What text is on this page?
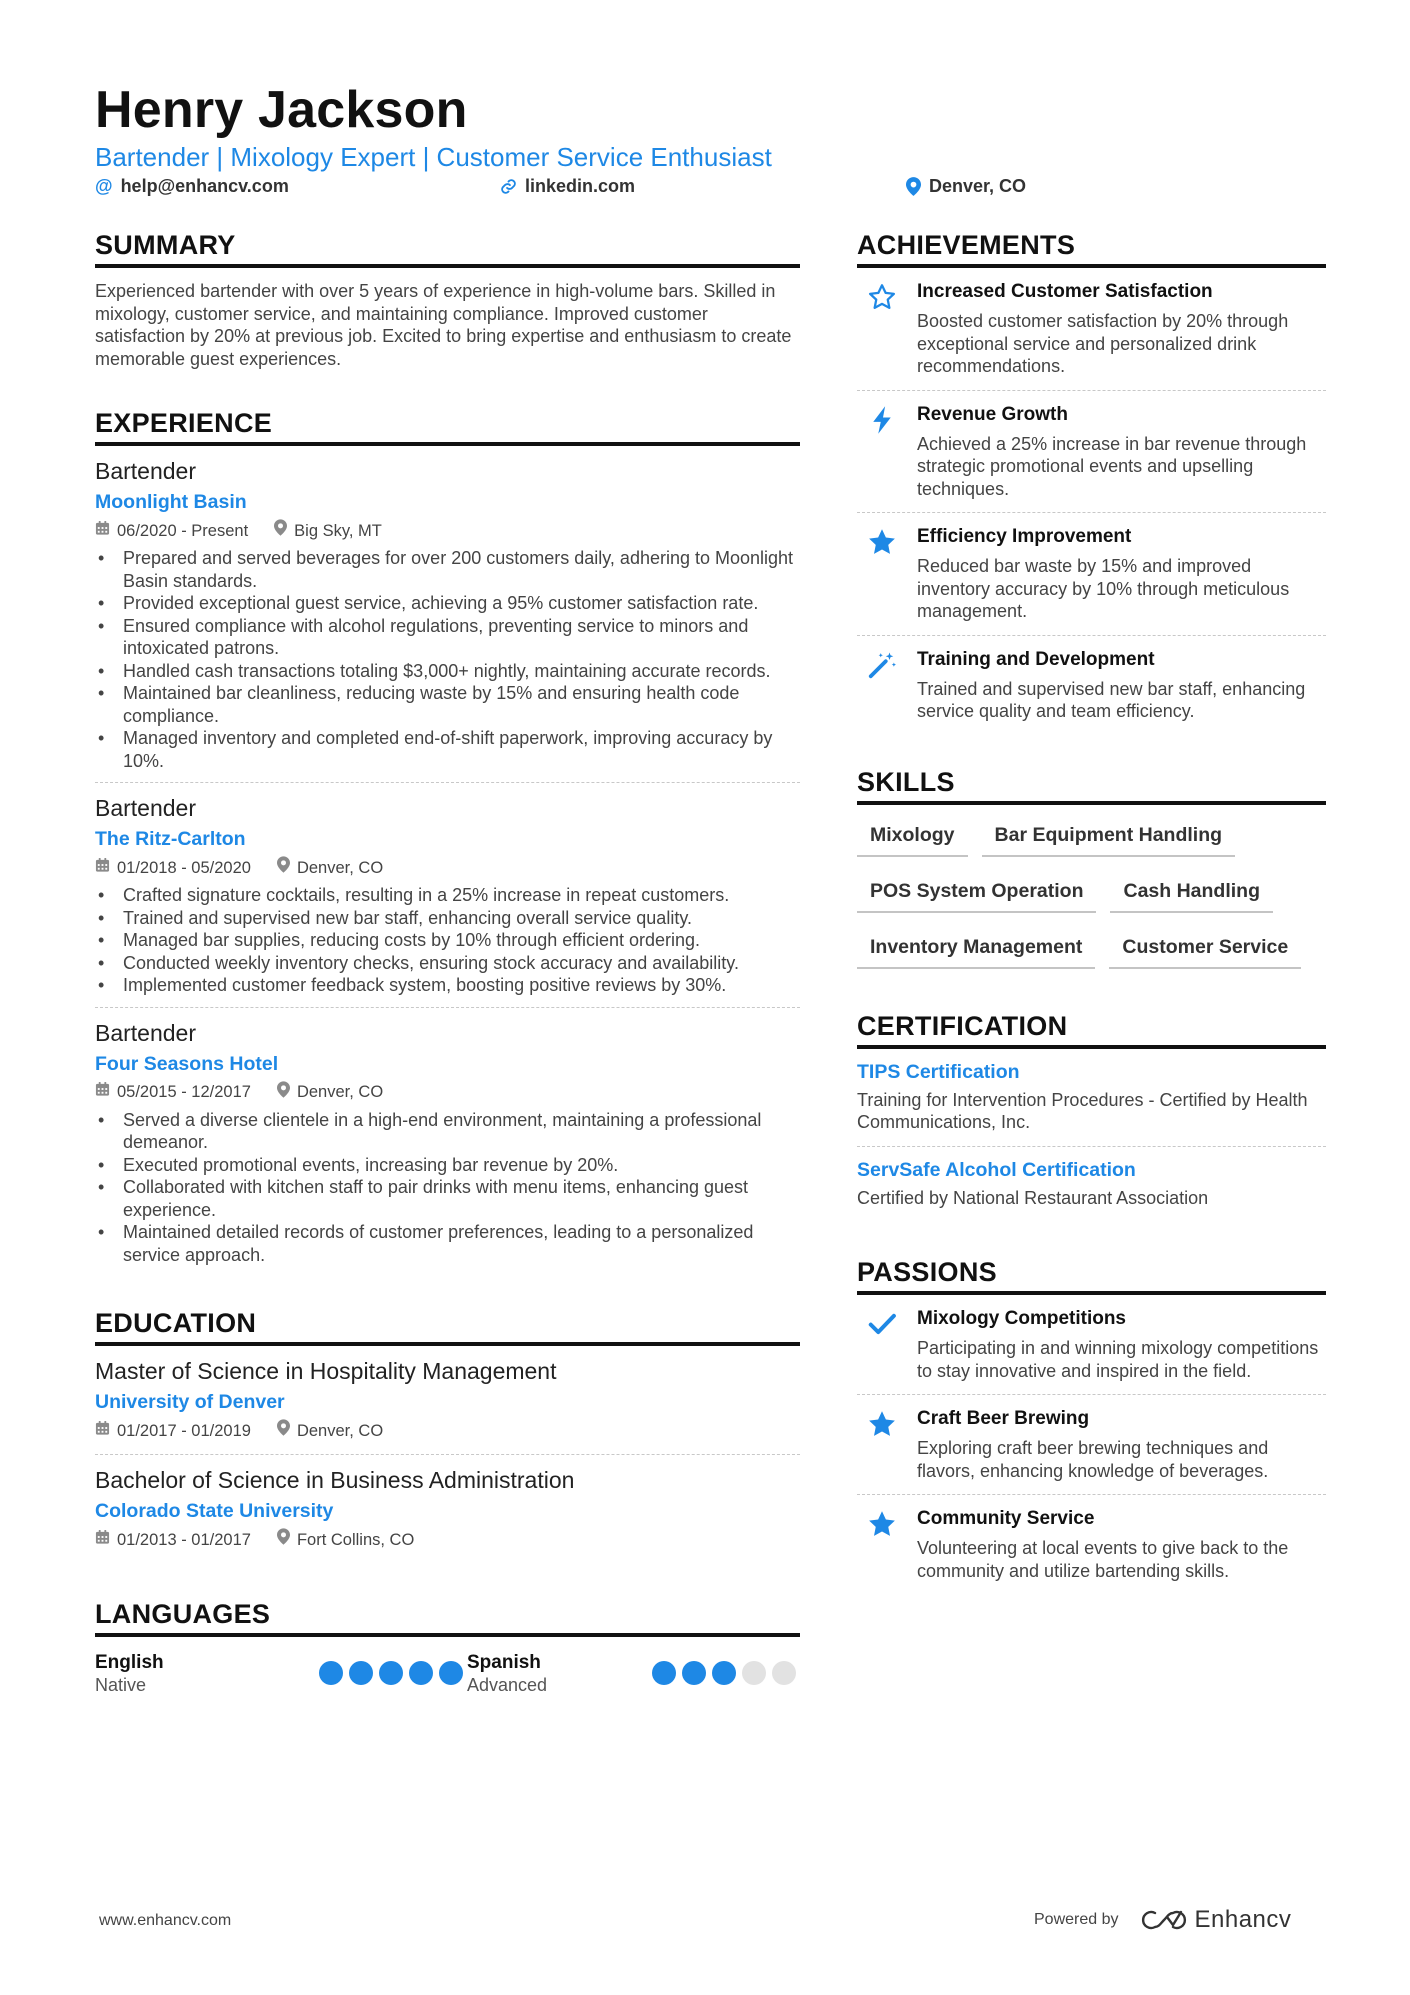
Henry Jackson
Bartender | Mixology Expert | Customer Service Enthusiast
@ help@enhancv.com	linkedin.com	Denver, CO
SUMMARY
Experienced bartender with over 5 years of experience in high-volume bars. Skilled in mixology, customer service, and maintaining compliance. Improved customer satisfaction by 20% at previous job. Excited to bring expertise and enthusiasm to create memorable guest experiences.
EXPERIENCE
Bartender
Moonlight Basin
06/2020 - Present	Big Sky, MT
• Prepared and served beverages for over 200 customers daily, adhering to Moonlight Basin standards.
• Provided exceptional guest service, achieving a 95% customer satisfaction rate.
• Ensured compliance with alcohol regulations, preventing service to minors and intoxicated patrons.
• Handled cash transactions totaling $3,000+ nightly, maintaining accurate records.
• Maintained bar cleanliness, reducing waste by 15% and ensuring health code compliance.
• Managed inventory and completed end-of-shift paperwork, improving accuracy by 10%.
Bartender
The Ritz-Carlton
01/2018 - 05/2020	Denver, CO
• Crafted signature cocktails, resulting in a 25% increase in repeat customers.
• Trained and supervised new bar staff, enhancing overall service quality.
• Managed bar supplies, reducing costs by 10% through efficient ordering.
• Conducted weekly inventory checks, ensuring stock accuracy and availability.
• Implemented customer feedback system, boosting positive reviews by 30%.
Bartender
Four Seasons Hotel
05/2015 - 12/2017	Denver, CO
• Served a diverse clientele in a high-end environment, maintaining a professional demeanor.
• Executed promotional events, increasing bar revenue by 20%.
• Collaborated with kitchen staff to pair drinks with menu items, enhancing guest experience.
• Maintained detailed records of customer preferences, leading to a personalized service approach.
EDUCATION
Master of Science in Hospitality Management
University of Denver
01/2017 - 01/2019	Denver, CO
Bachelor of Science in Business Administration
Colorado State University
01/2013 - 01/2017	Fort Collins, CO
LANGUAGES
English
Native
Spanish
Advanced
ACHIEVEMENTS
Increased Customer Satisfaction
Boosted customer satisfaction by 20% through exceptional service and personalized drink recommendations.
Revenue Growth
Achieved a 25% increase in bar revenue through strategic promotional events and upselling techniques.
Efficiency Improvement
Reduced bar waste by 15% and improved inventory accuracy by 10% through meticulous management.
Training and Development
Trained and supervised new bar staff, enhancing service quality and team efficiency.
SKILLS
Mixology	Bar Equipment Handling
POS System Operation	Cash Handling
Inventory Management	Customer Service
CERTIFICATION
TIPS Certification
Training for Intervention Procedures - Certified by Health Communications, Inc.
ServSafe Alcohol Certification
Certified by National Restaurant Association
PASSIONS
Mixology Competitions
Participating in and winning mixology competitions to stay innovative and inspired in the field.
Craft Beer Brewing
Exploring craft beer brewing techniques and flavors, enhancing knowledge of beverages.
Community Service
Volunteering at local events to give back to the community and utilize bartending skills.
www.enhancv.com	Powered by	Enhancv
